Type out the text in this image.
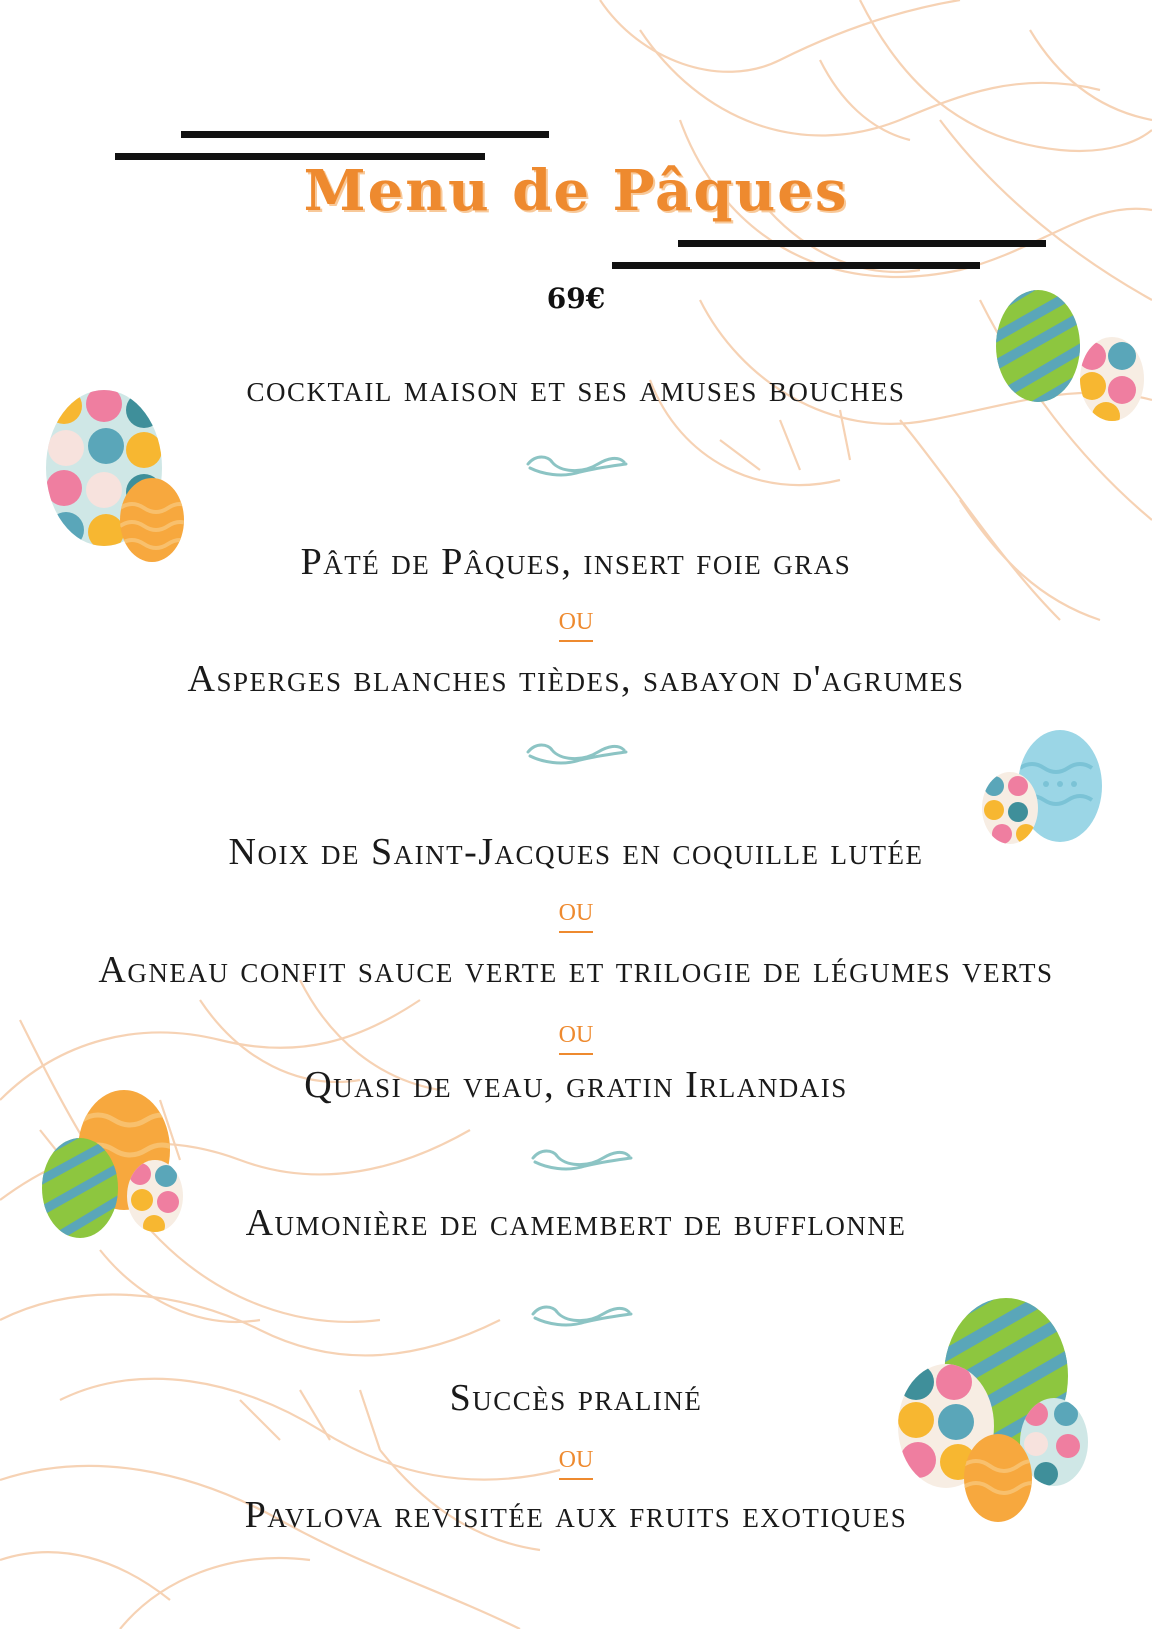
Menu de Pâques
69€
cocktail maison et ses amuses bouches
Pâté de Pâques, insert foie gras
ou
Asperges blanches tièdes, sabayon d'agrumes
Noix de Saint-Jacques en coquille lutée
ou
Agneau confit sauce verte et trilogie de légumes verts
ou
Quasi de veau, gratin Irlandais
Aumonière de camembert de bufflonne
Succès praliné
ou
Pavlova revisitée aux fruits exotiques
